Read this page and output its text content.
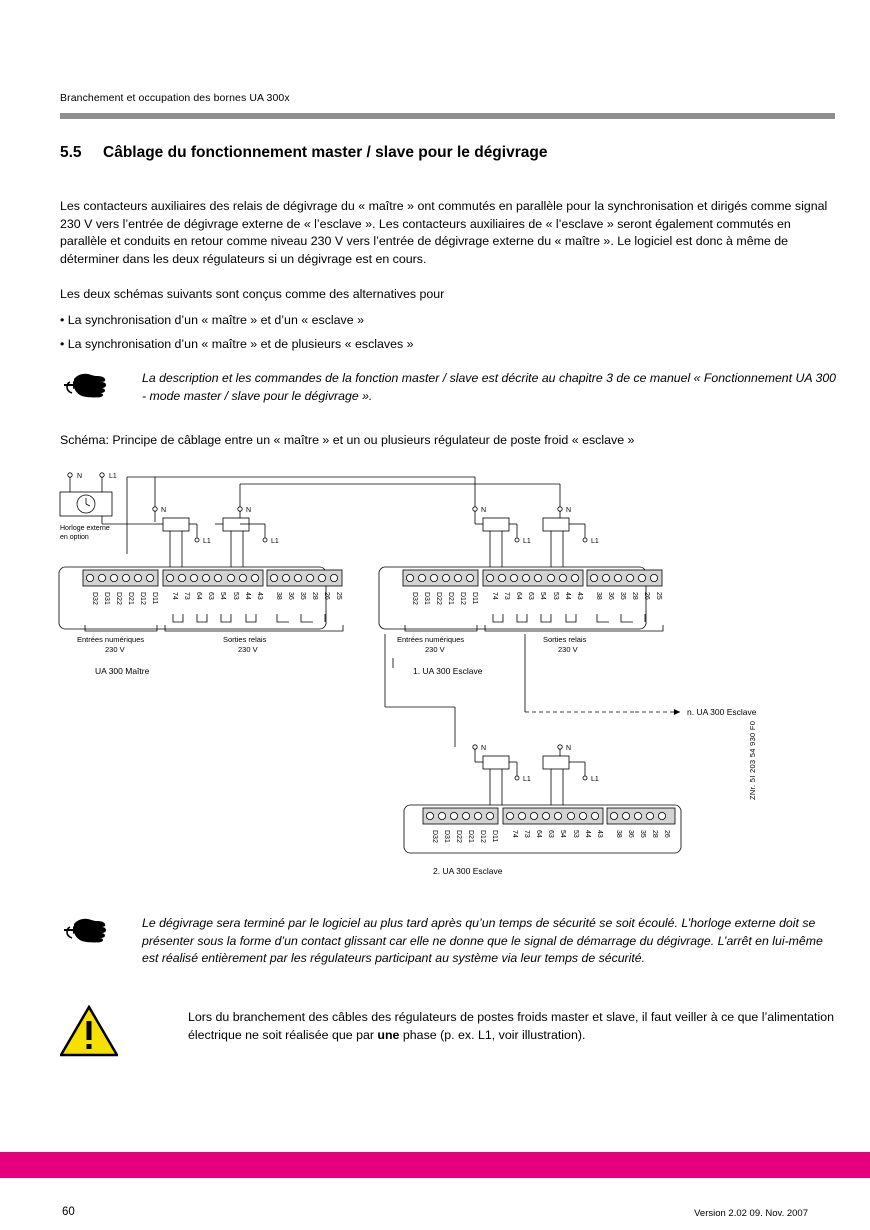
Branchement et occupation des bornes UA 300x
5.5 Câblage du fonctionnement master / slave pour le dégivrage
Les contacteurs auxiliaires des relais de dégivrage du « maître » ont commutés en parallèle pour la synchronisation et dirigés comme signal 230 V vers l’entrée de dégivrage externe de « l’esclave ». Les contacteurs auxiliaires de « l’esclave » seront également commutés en parallèle et conduits en retour comme niveau 230 V vers l’entrée de dégivrage externe du « maître ». Le logiciel est donc à même de déterminer dans les deux régulateurs si un dégivrage est en cours.
Les deux schémas suivants sont conçus comme des alternatives pour
• La synchronisation d’un « maître » et d’un « esclave »
• La synchronisation d’un « maître » et de plusieurs « esclaves »
La description et les commandes de la fonction master / slave est décrite au chapitre 3 de ce manuel « Fonctionnement UA 300 - mode master / slave pour le dégivrage ».
Schéma: Principe de câblage entre un « maître » et un ou plusieurs régulateur de poste froid « esclave »
N	L1
Horloge externe
en option
N	N
L1	L1
D32 D31 D22 D21 D12 D11 74 73 64 63 54 53 44 43 38 36 35 28 26 25
Entrées numériques
230 V
Sorties relais
230 V
UA 300 Maître
N	N
L1	L1
D32 D31 D22 D21 D12 D11 74 73 64 63 54 53 44 43 38 36 35 28 26 25
Entrées numériques
230 V
Sorties relais
230 V
1. UA 300 Esclave
n. UA 300 Esclave
N	N
L1	L1
D32 D31 D22 D21 D12 D11 74 73 64 63 54 53 44 43 38 36 35 28 26
2. UA 300 Esclave
ZNr. 5I 203 54 930 F0
Le dégivrage sera terminé par le logiciel au plus tard après qu’un temps de sécurité se soit écoulé. L’horloge externe doit se présenter sous la forme d’un contact glissant car elle ne donne que le signal de démarrage du dégivrage. L’arrêt en lui-même est réalisé entièrement par les régulateurs participant au système via leur temps de sécurité.
Lors du branchement des câbles des régulateurs de postes froids master et slave, il faut veiller à ce que l’alimentation électrique ne soit réalisée que par une phase (p. ex. L1, voir illustration).
60	Version 2.02 09. Nov. 2007
